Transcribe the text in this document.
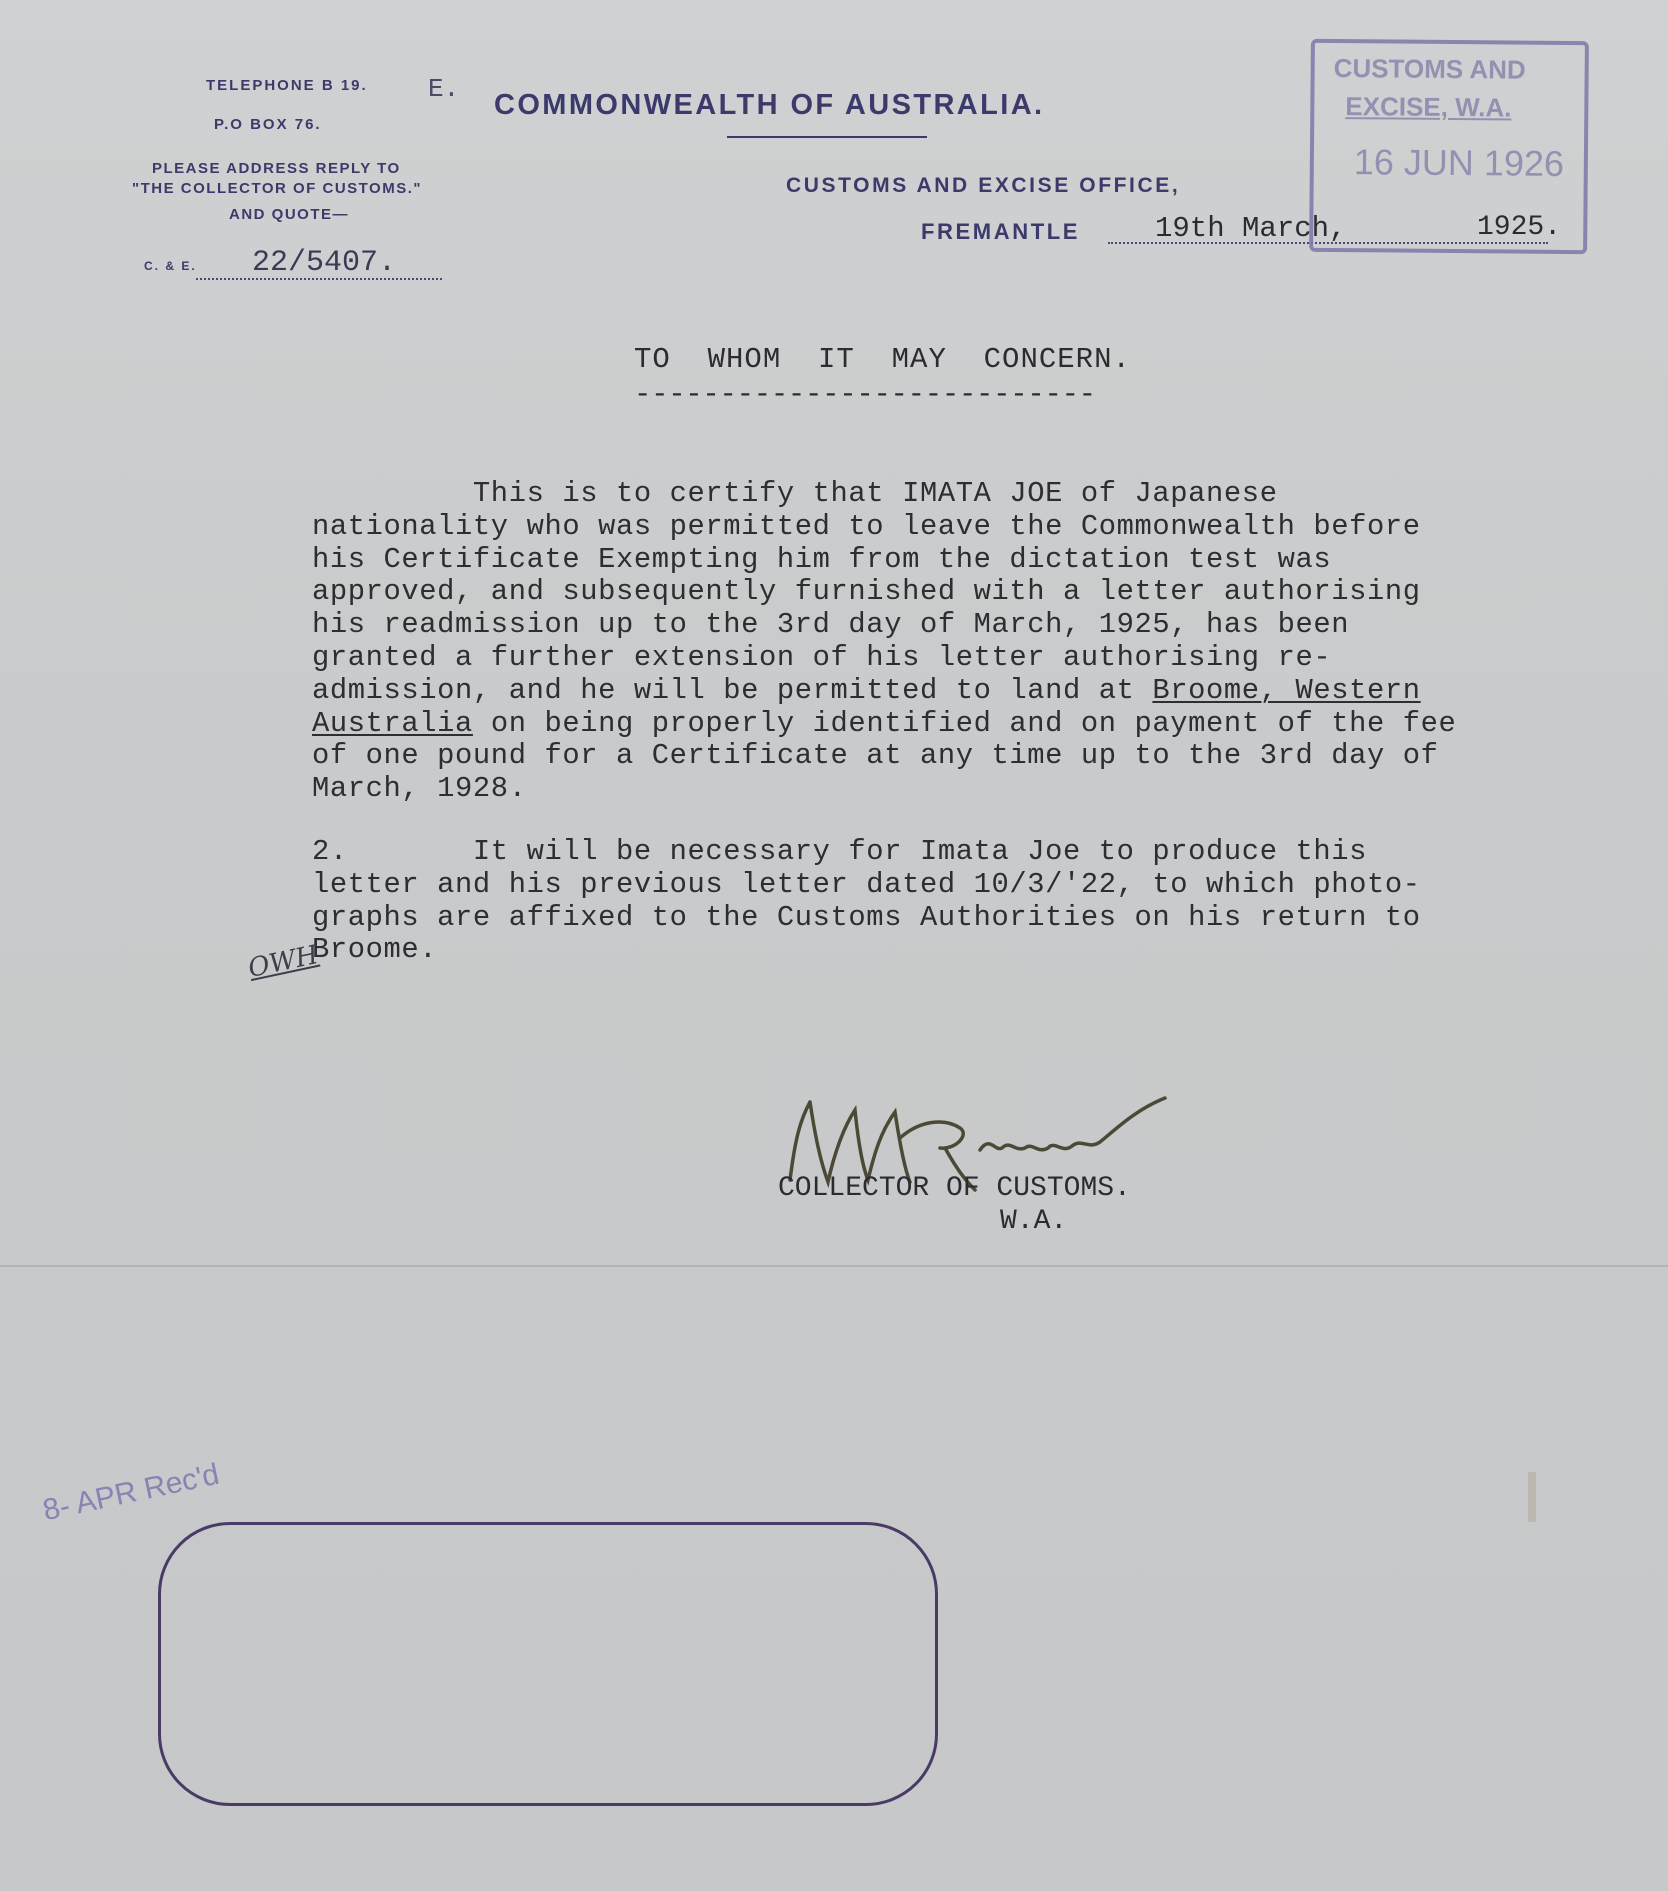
TELEPHONE B 19.
P.O BOX 76.
PLEASE ADDRESS REPLY TO
"THE COLLECTOR OF CUSTOMS."
AND QUOTE—
C. & E. 22/5407.
E. COMMONWEALTH OF AUSTRALIA.
CUSTOMS AND EXCISE OFFICE,
FREMANTLE	19th March,	1925.
CUSTOMS AND
EXCISE, W.A.
16 JUN 1926
TO  WHOM  IT  MAY  CONCERN.
---------------------------

This is to certify that IMATA JOE of Japanese

nationality who was permitted to leave the Commonwealth before

his Certificate Exempting him from the dictation test was

approved, and subsequently furnished with a letter authorising

his readmission up to the 3rd day of March, 1925, has been

granted a further extension of his letter authorising re-

admission, and he will be permitted to land at Broome, Western

Australia on being properly identified and on payment of the fee

of one pound for a Certificate at any time up to the 3rd day of

March, 1928.

2.       It will be necessary for Imata Joe to produce this

letter and his previous letter dated 10/3/'22, to which photo-

graphs are affixed to the Customs Authorities on his return to

Broome.

OWH
COLLECTOR OF CUSTOMS.
W.A.
8- APR Rec'd
